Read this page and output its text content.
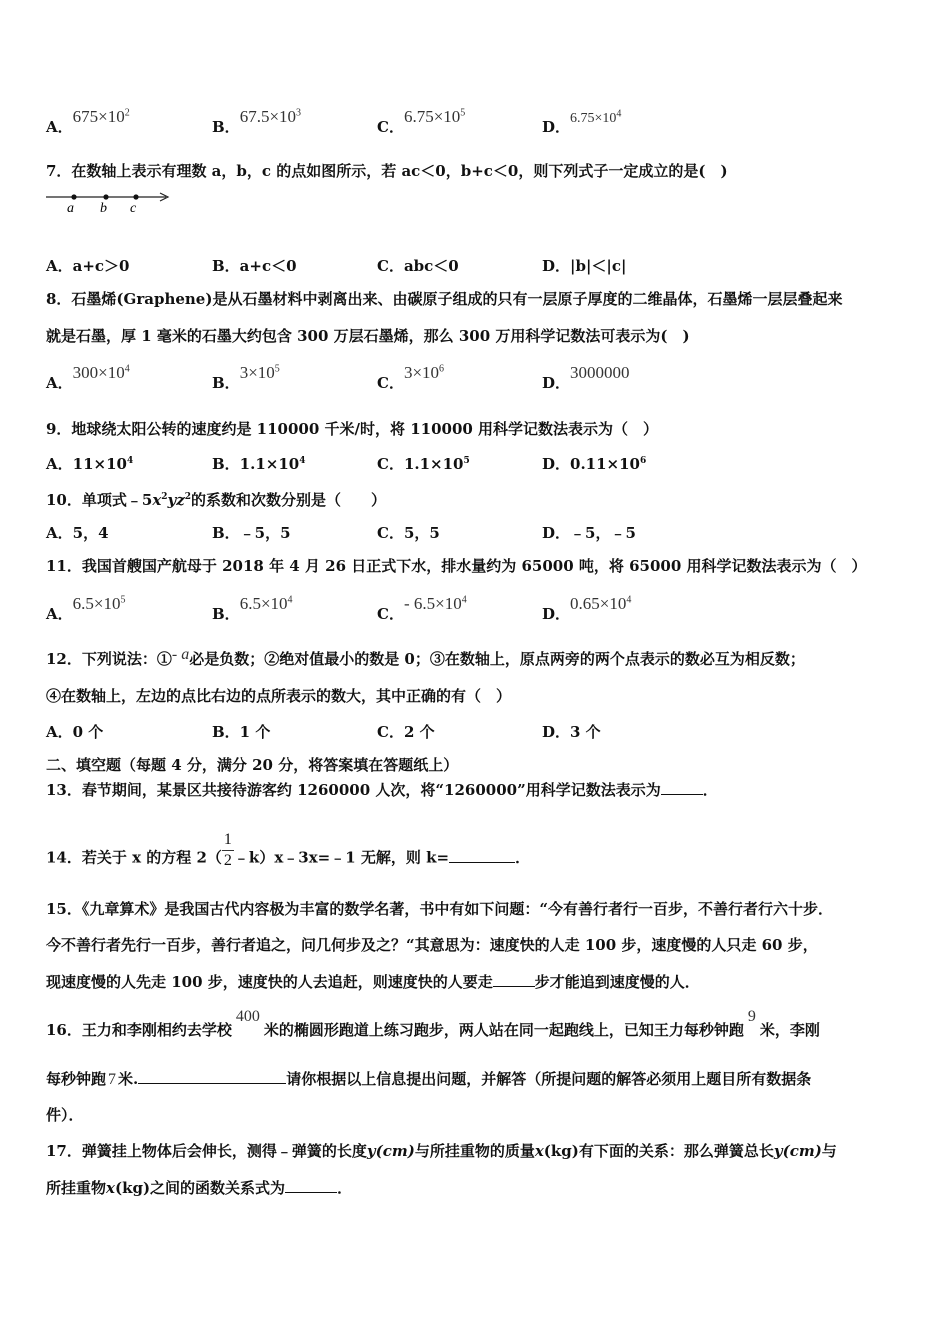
A．$675\times 10^2$
B．$67.5\times 10^3$
C．$6.75\times 10^5$
D．$6.75\times 10^4$
7．在数轴上表示有理数 a，b，c 的点如图所示，若 ac＜0，b+c＜0，则下列式子一定成立的是(　)
a b c
A．a+c＞0	B．a+c＜0	C．abc＜0	D．|b|＜|c|
8．石墨烯(Graphene)是从石墨材料中剥离出来、由碳原子组成的只有一层原子厚度的二维晶体，石墨烯一层层叠起来
就是石墨，厚 1 毫米的石墨大约包含 300 万层石墨烯，那么 300 万用科学记数法可表示为(　)
A．$300\times 10^4$
B．$3\times 10^5$
C．$3\times 10^6$
D．3000000
9．地球绕太阳公转的速度约是 110000 千米/时，将 110000 用科学记数法表示为（　）
A．$11\times 10^4$	B．$1.1\times 10^4$	C．$1.1\times 10^5$	D．$0.11\times 10^6$
10．单项式$﹣5x^2yz^2$的系数和次数分别是（　　）
A．5，4	B．﹣5，5	C．5，5	D．﹣5，﹣5
11．我国首艘国产航母于 2018 年 4 月 26 日正式下水，排水量约为 65000 吨，将 65000 用科学记数法表示为（　）
A．$6.5\times 10^5$
B．$6.5\times 10^4$
C．- $6.5\times 10^4$
D．$0.65\times 10^4$
12．下列说法：①- a必是负数；②绝对值最小的数是 0；③在数轴上，原点两旁的两个点表示的数必互为相反数；
④在数轴上，左边的点比右边的点所表示的数大，其中正确的有（　）
A．0 个	B．1 个	C．2 个	D．3 个
二、填空题（每题 4 分，满分 20 分，将答案填在答题纸上）
13．春节期间，某景区共接待游客约 1260000 人次，将“1260000”用科学记数法表示为	．
14．若关于 x 的方程 $2( \frac{1}{2}$ ﹣k）x﹣3x=﹣1 无解，则 k=	．
15．《九章算术》是我国古代内容极为丰富的数学名著，书中有如下问题：“今有善行者行一百步，不善行者行六十步．
今不善行者先行一百步，善行者追之，问几何步及之？“其意思为：速度快的人走 100 步，速度慢的人只走 60 步，
现速度慢的人先走 100 步，速度快的人去追赶，则速度快的人要走	步才能追到速度慢的人．
16．王力和李刚相约去学校400米的椭圆形跑道上练习跑步，两人站在同一起跑线上，已知王力每秒钟跑9米，李刚
每秒钟跑 7 米.	请你根据以上信息提出问题，并解答（所提问题的解答必须用上题目所有数据条
件）．
17．弹簧挂上物体后会伸长，测得﹣弹簧的长度y(cm)与所挂重物的质量x(kg)有下面的关系：那么弹簧总长y(cm)与
所挂重物x(kg)之间的函数关系式为	．
